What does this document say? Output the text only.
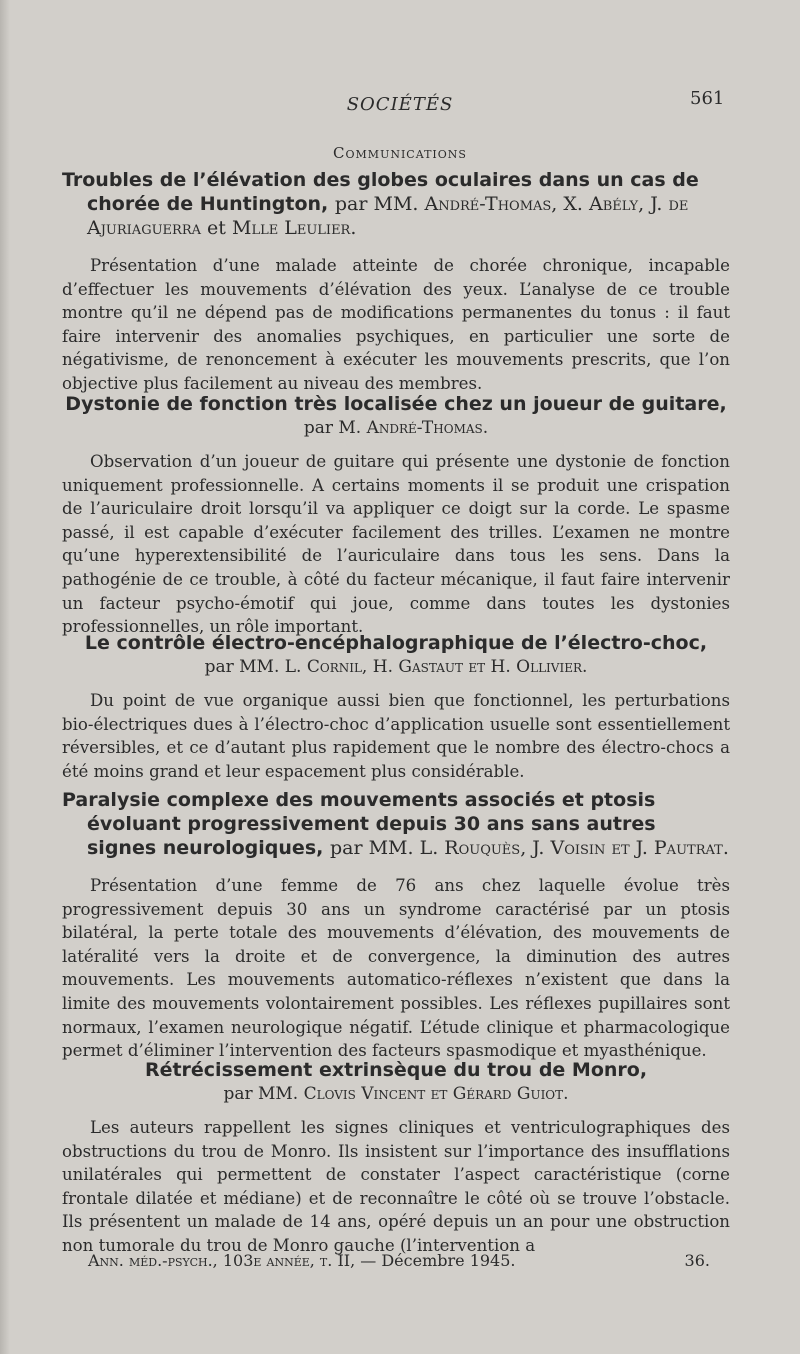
SOCIÉTÉS	561
Communications

Troubles de l’élévation des globes oculaires dans un cas de chorée de Huntington, par MM. André-Thomas, X. Abély, J. de Ajuriaguerra et Mlle Leulier.

Présentation d’une malade atteinte de chorée chronique, incapable d’effectuer les mouvements d’élévation des yeux. L’analyse de ce trouble montre qu’il ne dépend pas de modifications permanentes du tonus : il faut faire intervenir des anomalies psychiques, en particulier une sorte de négativisme, de renoncement à exécuter les mouvements prescrits, que l’on objective plus facilement au niveau des membres.

Dystonie de fonction très localisée chez un joueur de guitare,

par M. André-Thomas.

Observation d’un joueur de guitare qui présente une dystonie de fonction uniquement professionnelle. A certains moments il se produit une crispation de l’auriculaire droit lorsqu’il va appliquer ce doigt sur la corde. Le spasme passé, il est capable d’exécuter facilement des trilles. L’examen ne montre qu’une hyperextensibilité de l’auriculaire dans tous les sens. Dans la pathogénie de ce trouble, à côté du facteur mécanique, il faut faire intervenir un facteur psycho-émotif qui joue, comme dans toutes les dystonies professionnelles, un rôle important.

Le contrôle électro-encéphalographique de l’électro-choc,

par MM. L. Cornil, H. Gastaut et H. Ollivier.

Du point de vue organique aussi bien que fonctionnel, les perturbations bio-électriques dues à l’électro-choc d’application usuelle sont essentiellement réversibles, et ce d’autant plus rapidement que le nombre des électro-chocs a été moins grand et leur espacement plus considérable.

Paralysie complexe des mouvements associés et ptosis évoluant progressivement depuis 30 ans sans autres signes neurologiques, par MM. L. Rouquès, J. Voisin et J. Pautrat.

Présentation d’une femme de 76 ans chez laquelle évolue très progressivement depuis 30 ans un syndrome caractérisé par un ptosis bilatéral, la perte totale des mouvements d’élévation, des mouvements de latéralité vers la droite et de convergence, la diminution des autres mouvements. Les mouvements automatico-réflexes n’existent que dans la limite des mouvements volontairement possibles. Les réflexes pupillaires sont normaux, l’examen neurologique négatif. L’étude clinique et pharmacologique permet d’éliminer l’intervention des facteurs spasmodique et myasthénique.

Rétrécissement extrinsèque du trou de Monro,

par MM. Clovis Vincent et Gérard Guiot.

Les auteurs rappellent les signes cliniques et ventriculographiques des obstructions du trou de Monro. Ils insistent sur l’importance des insufflations unilatérales qui permettent de constater l’aspect caractéristique (corne frontale dilatée et médiane) et de reconnaître le côté où se trouve l’obstacle. Ils présentent un malade de 14 ans, opéré depuis un an pour une obstruction non tumorale du trou de Monro gauche (l’intervention a

Ann. méd.-psych., 103e année, t. II, — Décembre 1945.	36.
